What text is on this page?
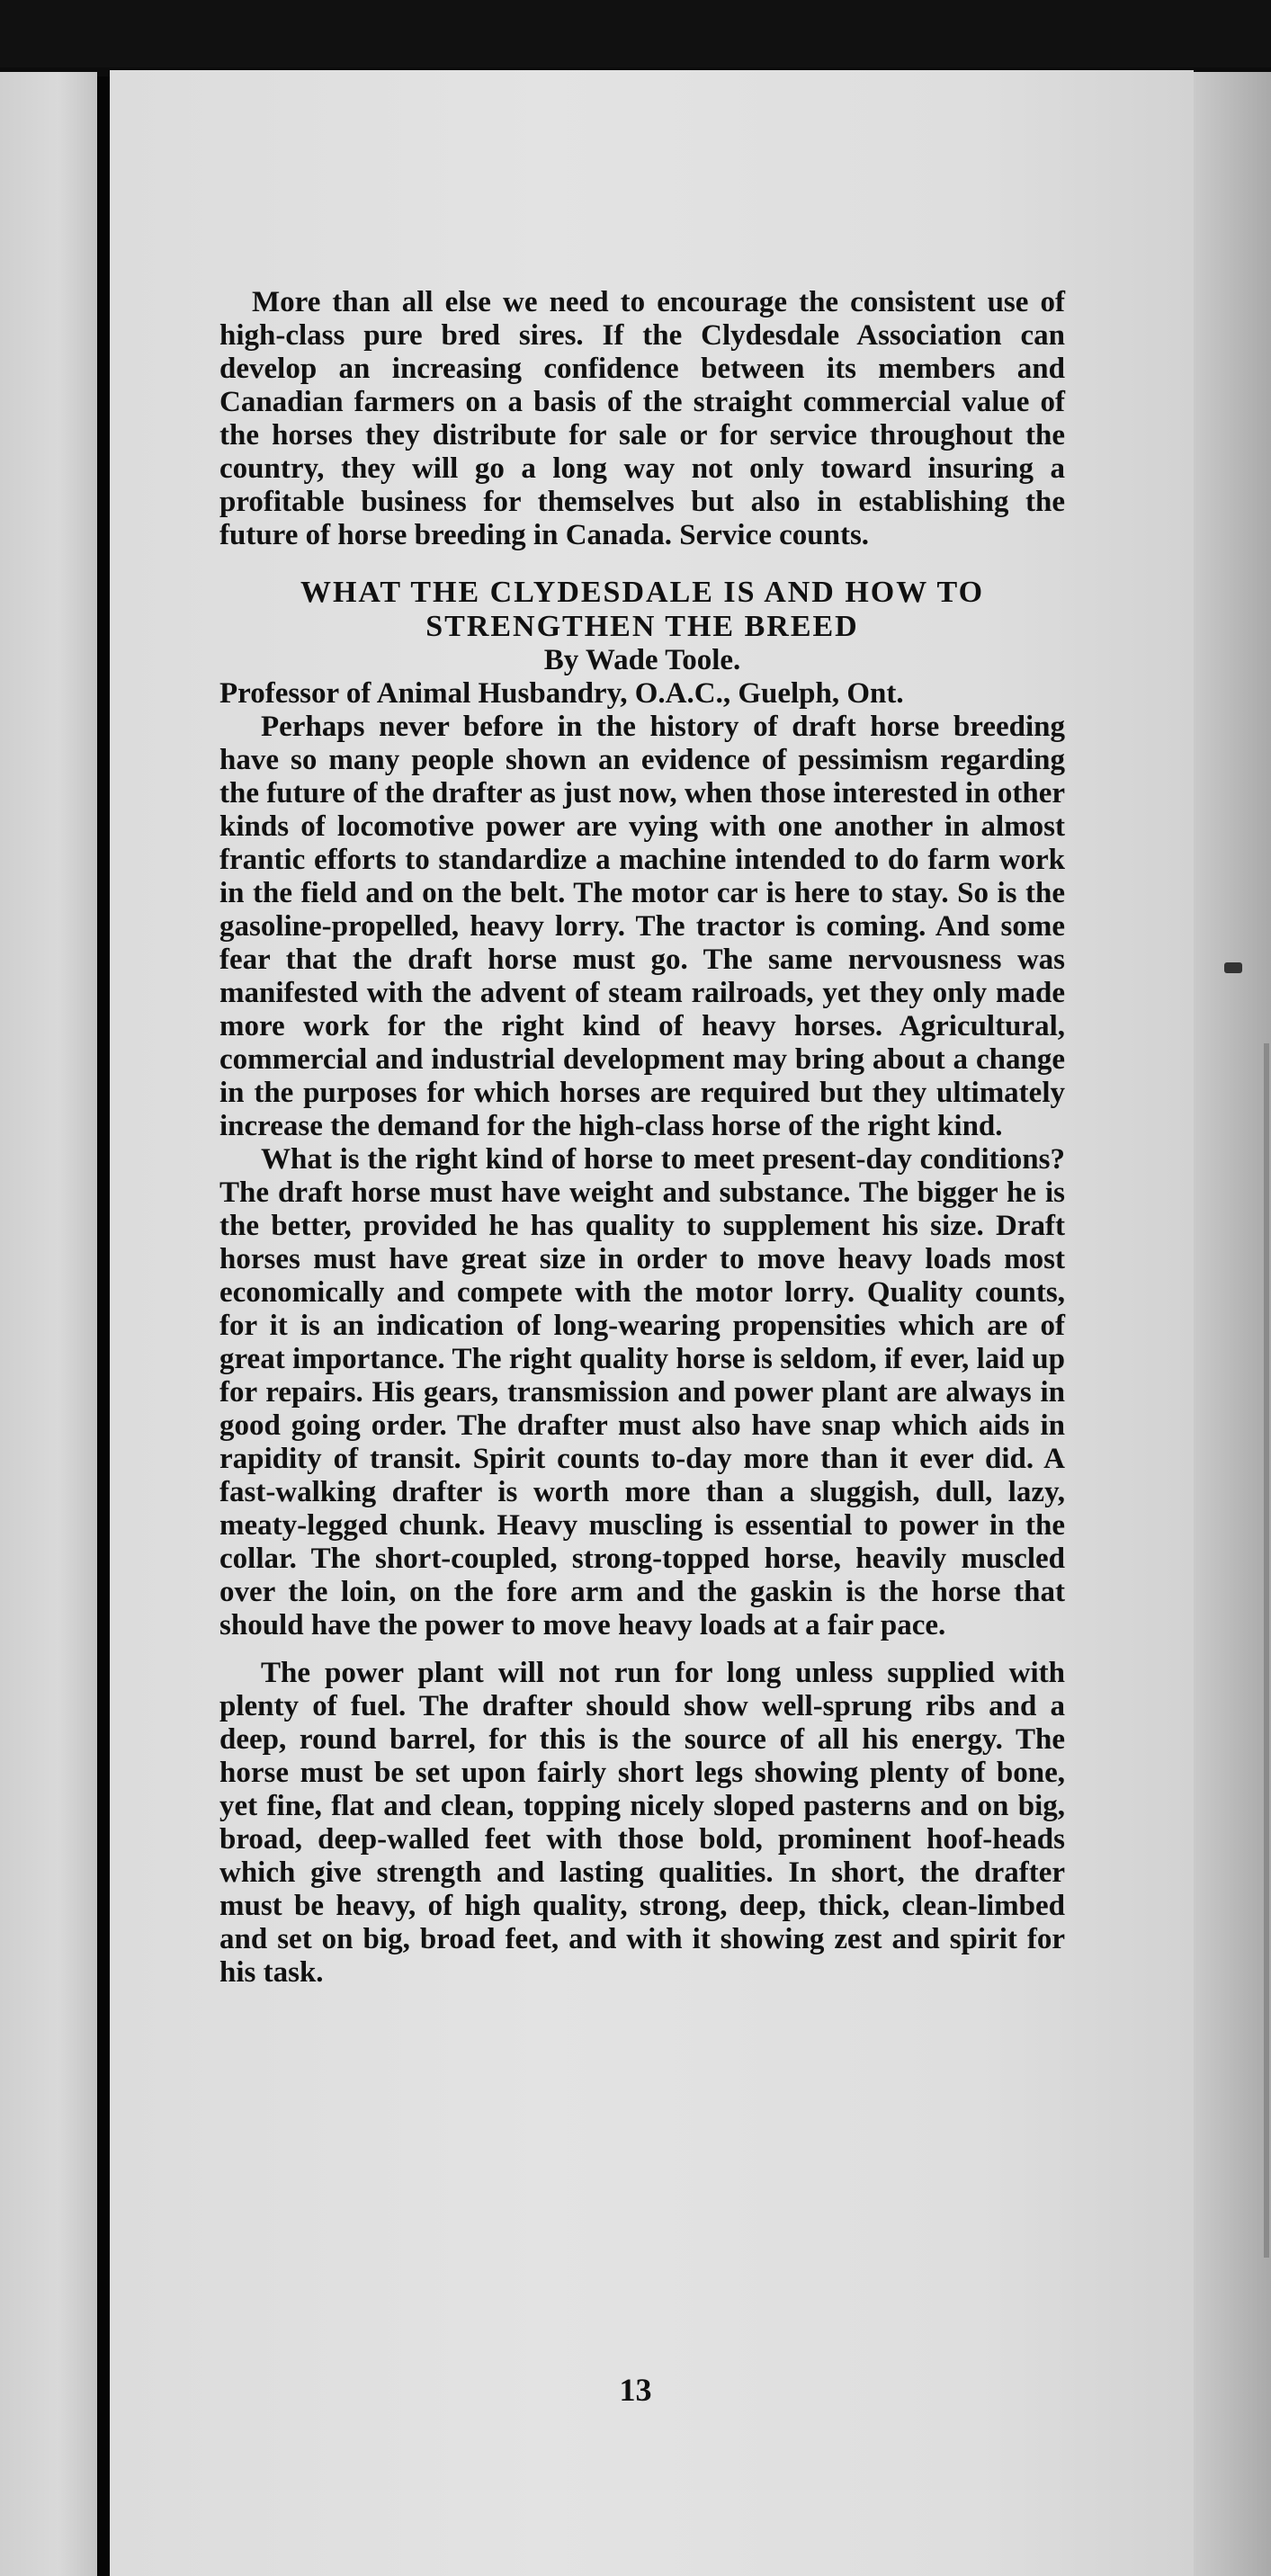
More than all else we need to encourage the consistent use of high-class pure bred sires. If the Clydesdale Association can develop an increasing confidence between its members and Canadian farmers on a basis of the straight commercial value of the horses they distribute for sale or for service throughout the country, they will go a long way not only toward insuring a profitable business for themselves but also in establishing the future of horse breeding in Canada. Service counts.

WHAT THE CLYDESDALE IS AND HOW TO STRENGTHEN THE BREED

By Wade Toole.

Professor of Animal Husbandry, O.A.C., Guelph, Ont.

Perhaps never before in the history of draft horse breeding have so many people shown an evidence of pessimism regarding the future of the drafter as just now, when those interested in other kinds of locomotive power are vying with one another in almost frantic efforts to standardize a machine intended to do farm work in the field and on the belt. The motor car is here to stay. So is the gasoline-propelled, heavy lorry. The tractor is coming. And some fear that the draft horse must go. The same nervousness was manifested with the advent of steam railroads, yet they only made more work for the right kind of heavy horses. Agricultural, commercial and industrial development may bring about a change in the purposes for which horses are required but they ultimately increase the demand for the high-class horse of the right kind.

What is the right kind of horse to meet present-day conditions? The draft horse must have weight and substance. The bigger he is the better, provided he has quality to supplement his size. Draft horses must have great size in order to move heavy loads most economically and compete with the motor lorry. Quality counts, for it is an indication of long-wearing propensities which are of great importance. The right quality horse is seldom, if ever, laid up for repairs. His gears, transmission and power plant are always in good going order. The drafter must also have snap which aids in rapidity of transit. Spirit counts to-day more than it ever did. A fast-walking drafter is worth more than a sluggish, dull, lazy, meaty-legged chunk. Heavy muscling is essential to power in the collar. The short-coupled, strong-topped horse, heavily muscled over the loin, on the fore arm and the gaskin is the horse that should have the power to move heavy loads at a fair pace.

The power plant will not run for long unless supplied with plenty of fuel. The drafter should show well-sprung ribs and a deep, round barrel, for this is the source of all his energy. The horse must be set upon fairly short legs showing plenty of bone, yet fine, flat and clean, topping nicely sloped pasterns and on big, broad, deep-walled feet with those bold, prominent hoof-heads which give strength and lasting qualities. In short, the drafter must be heavy, of high quality, strong, deep, thick, clean-limbed and set on big, broad feet, and with it showing zest and spirit for his task.

13
